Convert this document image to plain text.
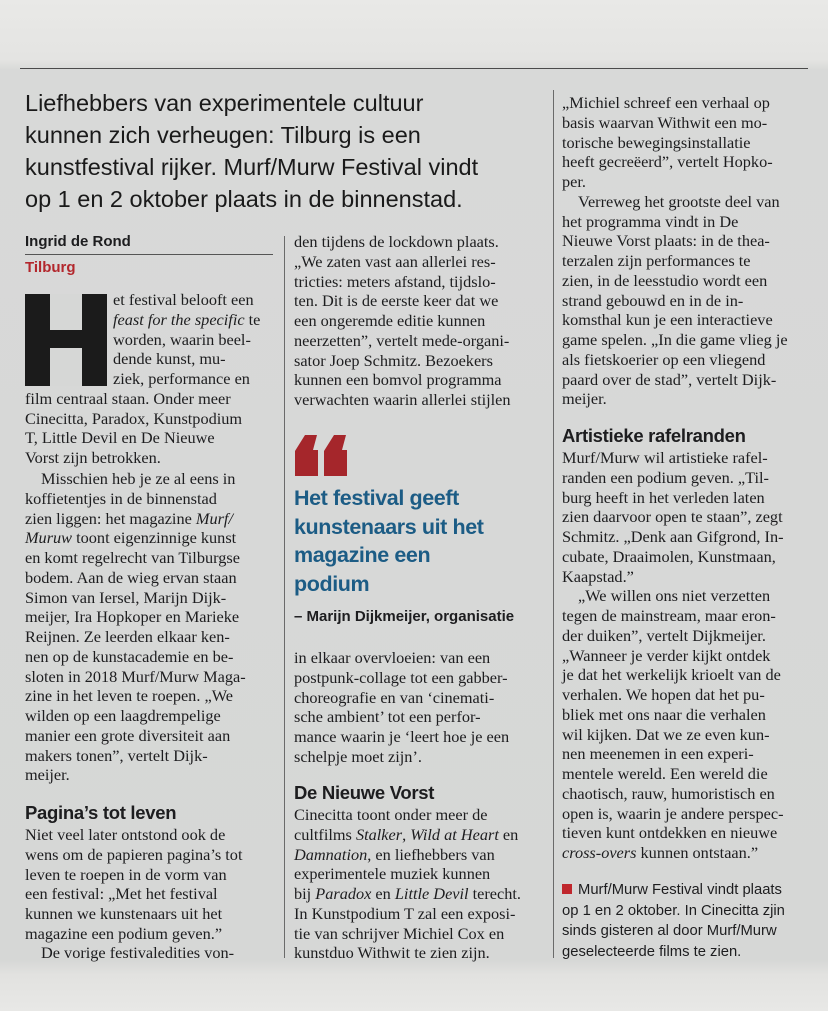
Liefhebbers van experimentele cultuur
kunnen zich verheugen: Tilburg is een
kunstfestival rijker. Murf/Murw Festival vindt
op 1 en 2 oktober plaats in de binnenstad.
Ingrid de Rond
Tilburg
et festival belooft een
feast for the specific te
worden, waarin beel-
dende kunst, mu-
ziek, performance en
film centraal staan. Onder meer
Cinecitta, Paradox, Kunstpodium
T, Little Devil en De Nieuwe
Vorst zijn betrokken.
Misschien heb je ze al eens in
koffietentjes in de binnenstad
zien liggen: het magazine Murf/
Muruw toont eigenzinnige kunst
en komt regelrecht van Tilburgse
bodem. Aan de wieg ervan staan
Simon van Iersel, Marijn Dijk-
meijer, Ira Hopkoper en Marieke
Reijnen. Ze leerden elkaar ken-
nen op de kunstacademie en be-
sloten in 2018 Murf/Murw Maga-
zine in het leven te roepen. „We
wilden op een laagdrempelige
manier een grote diversiteit aan
makers tonen”, vertelt Dijk-
meijer.
Pagina’s tot leven
Niet veel later ontstond ook de
wens om de papieren pagina’s tot
leven te roepen in de vorm van
een festival: „Met het festival
kunnen we kunstenaars uit het
magazine een podium geven.”
De vorige festivaledities von-
den tijdens de lockdown plaats.
„We zaten vast aan allerlei res-
tricties: meters afstand, tijdslo-
ten. Dit is de eerste keer dat we
een ongeremde editie kunnen
neerzetten”, vertelt mede-organi-
sator Joep Schmitz. Bezoekers
kunnen een bomvol programma
verwachten waarin allerlei stijlen
Het festival geeft
kunstenaars uit het
magazine een
podium
– Marijn Dijkmeijer, organisatie
in elkaar overvloeien: van een
postpunk-collage tot een gabber-
choreografie en van ‘cinemati-
sche ambient’ tot een perfor-
mance waarin je ‘leert hoe je een
schelpje moet zijn’.
De Nieuwe Vorst
Cinecitta toont onder meer de
cultfilms Stalker, Wild at Heart en
Damnation, en liefhebbers van
experimentele muziek kunnen
bij Paradox en Little Devil terecht.
In Kunstpodium T zal een exposi-
tie van schrijver Michiel Cox en
kunstduo Withwit te zien zijn.
„Michiel schreef een verhaal op
basis waarvan Withwit een mo-
torische bewegingsinstallatie
heeft gecreëerd”, vertelt Hopko-
per.
Verreweg het grootste deel van
het programma vindt in De
Nieuwe Vorst plaats: in de thea-
terzalen zijn performances te
zien, in de leesstudio wordt een
strand gebouwd en in de in-
komsthal kun je een interactieve
game spelen. „In die game vlieg je
als fietskoerier op een vliegend
paard over de stad”, vertelt Dijk-
meijer.
Artistieke rafelranden
Murf/Murw wil artistieke rafel-
randen een podium geven. „Til-
burg heeft in het verleden laten
zien daarvoor open te staan”, zegt
Schmitz. „Denk aan Gifgrond, In-
cubate, Draaimolen, Kunstmaan,
Kaapstad.”
„We willen ons niet verzetten
tegen de mainstream, maar eron-
der duiken”, vertelt Dijkmeijer.
„Wanneer je verder kijkt ontdek
je dat het werkelijk krioelt van de
verhalen. We hopen dat het pu-
bliek met ons naar die verhalen
wil kijken. Dat we ze even kun-
nen meenemen in een experi-
mentele wereld. Een wereld die
chaotisch, rauw, humoristisch en
open is, waarin je andere perspec-
tieven kunt ontdekken en nieuwe
cross-overs kunnen ontstaan.”
Murf/Murw Festival vindt plaats
op 1 en 2 oktober. In Cinecitta zjin
sinds gisteren al door Murf/Murw
geselecteerde films te zien.
